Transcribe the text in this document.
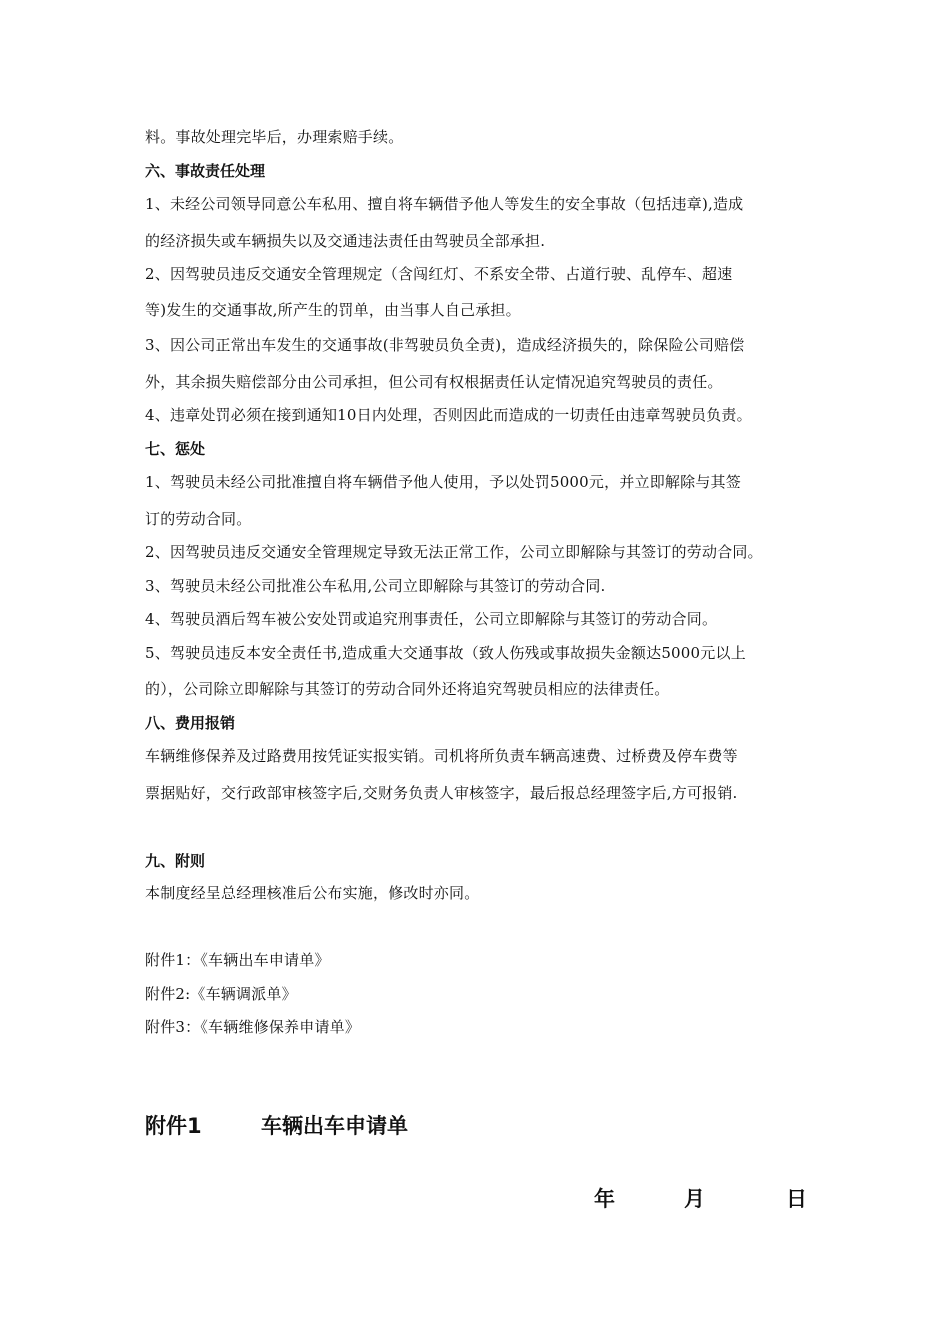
料。事故处理完毕后，办理索赔手续。
六、事故责任处理
1、未经公司领导同意公车私用、擅自将车辆借予他人等发生的安全事故（包括违章),造成
的经济损失或车辆损失以及交通违法责任由驾驶员全部承担.
2、因驾驶员违反交通安全管理规定（含闯红灯、不系安全带、占道行驶、乱停车、超速
等)发生的交通事故,所产生的罚单，由当事人自己承担。
3、因公司正常出车发生的交通事故(非驾驶员负全责)，造成经济损失的，除保险公司赔偿
外，其余损失赔偿部分由公司承担，但公司有权根据责任认定情况追究驾驶员的责任。
4、违章处罚必须在接到通知10日内处理，否则因此而造成的一切责任由违章驾驶员负责。
七、惩处
1、驾驶员未经公司批准擅自将车辆借予他人使用，予以处罚5000元，并立即解除与其签
订的劳动合同。
2、因驾驶员违反交通安全管理规定导致无法正常工作，公司立即解除与其签订的劳动合同。
3、驾驶员未经公司批准公车私用,公司立即解除与其签订的劳动合同.
4、驾驶员酒后驾车被公安处罚或追究刑事责任，公司立即解除与其签订的劳动合同。
5、驾驶员违反本安全责任书,造成重大交通事故（致人伤残或事故损失金额达5000元以上
的），公司除立即解除与其签订的劳动合同外还将追究驾驶员相应的法律责任。
八、费用报销
车辆维修保养及过路费用按凭证实报实销。司机将所负责车辆高速费、过桥费及停车费等
票据贴好，交行政部审核签字后,交财务负责人审核签字，最后报总经理签字后,方可报销.
九、附则
本制度经呈总经理核准后公布实施，修改时亦同。
附件1：《车辆出车申请单》
附件2:《车辆调派单》
附件3：《车辆维修保养申请单》
附件1	车辆出车申请单
年	月	日
